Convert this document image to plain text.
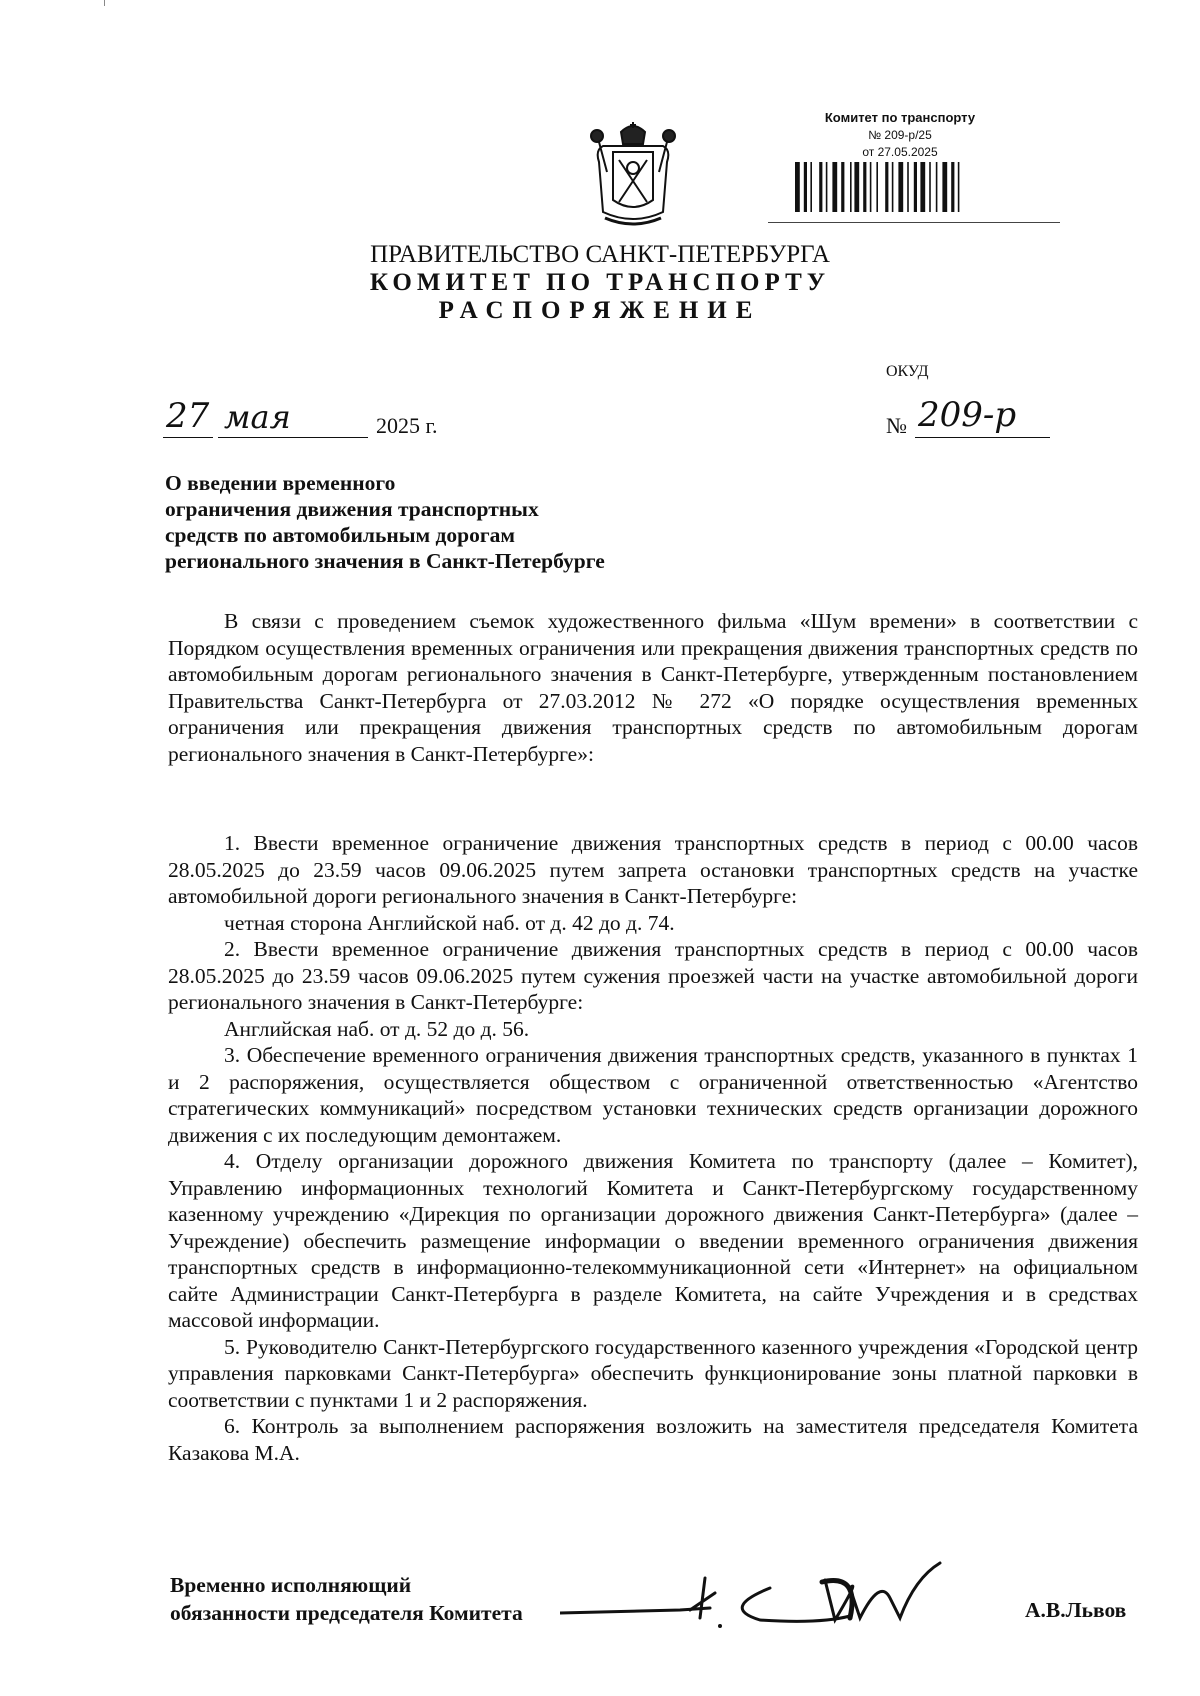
Комитет по транспорту
№ 209-р/25
от 27.05.2025
ПРАВИТЕЛЬСТВО САНКТ-ПЕТЕРБУРГА
КОМИТЕТ ПО ТРАНСПОРТУ
РАСПОРЯЖЕНИЕ
27 мая	2025 г.
ОКУД
№ 209-р
О введении временного
ограничения движения транспортных
средств по автомобильным дорогам
регионального значения в Санкт-Петербурге
В связи с проведением съемок художественного фильма «Шум времени» в соответствии с Порядком осуществления временных ограничения или прекращения движения транспортных средств по автомобильным дорогам регионального значения в Санкт-Петербурге, утвержденным постановлением Правительства Санкт-Петербурга от 27.03.2012 № 272 «О порядке осуществления временных ограничения или прекращения движения транспортных средств по автомобильным дорогам регионального значения в Санкт-Петербурге»:

1. Ввести временное ограничение движения транспортных средств в период с 00.00 часов 28.05.2025 до 23.59 часов 09.06.2025 путем запрета остановки транспортных средств на участке автомобильной дороги регионального значения в Санкт-Петербурге:

четная сторона Английской наб. от д. 42 до д. 74.

2. Ввести временное ограничение движения транспортных средств в период с 00.00 часов 28.05.2025 до 23.59 часов 09.06.2025 путем сужения проезжей части на участке автомобильной дороги регионального значения в Санкт-Петербурге:

Английская наб. от д. 52 до д. 56.

3. Обеспечение временного ограничения движения транспортных средств, указанного в пунктах 1 и 2 распоряжения, осуществляется обществом с ограниченной ответственностью «Агентство стратегических коммуникаций» посредством установки технических средств организации дорожного движения с их последующим демонтажем.

4. Отделу организации дорожного движения Комитета по транспорту (далее – Комитет), Управлению информационных технологий Комитета и Санкт-Петербургскому государственному казенному учреждению «Дирекция по организации дорожного движения Санкт-Петербурга» (далее – Учреждение) обеспечить размещение информации о введении временного ограничения движения транспортных средств в информационно-телекоммуникационной сети «Интернет» на официальном сайте Администрации Санкт-Петербурга в разделе Комитета, на сайте Учреждения и в средствах массовой информации.

5. Руководителю Санкт-Петербургского государственного казенного учреждения «Городской центр управления парковками Санкт-Петербурга» обеспечить функционирование зоны платной парковки в соответствии с пунктами 1 и 2 распоряжения.

6. Контроль за выполнением распоряжения возложить на заместителя председателя Комитета Казакова М.А.

Временно исполняющий
обязанности председателя Комитета	А.В.Львов
